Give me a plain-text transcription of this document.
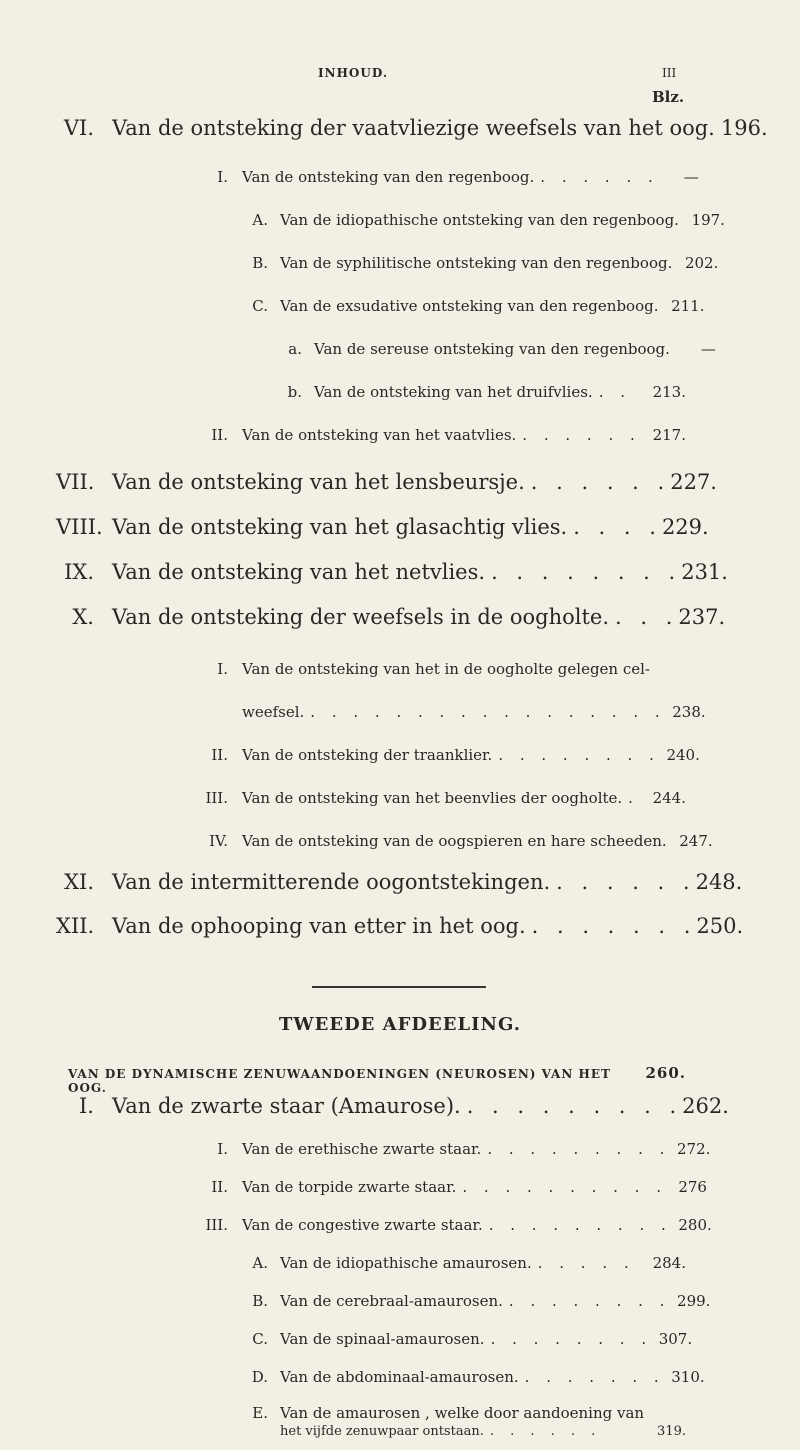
INHOUD.	III
Blz.
VI. Van de ontsteking der vaatvliezige weefsels van het oog. 196.
I. Van de ontsteking van den regenboog. . . . . . .	—
A. Van de idiopathische ontsteking van den regenboog. 197.
B. Van de syphilitische ontsteking van den regenboog. 202.
C. Van de exsudative ontsteking van den regenboog. 211.
a. Van de sereuse ontsteking van den regenboog.	—
b. Van de ontsteking van het druifvlies. . .	213.
II. Van de ontsteking van het vaatvlies. . . . . . . 217.
VII. Van de ontsteking van het lensbeursje. . . . . . . 227.
VIII. Van de ontsteking van het glasachtig vlies. . . . . 229.
IX. Van de ontsteking van het netvlies. . . . . . . . . 231.
X. Van de ontsteking der weefsels in de oogholte. . . . 237.
I. Van de ontsteking van het in de oogholte gelegen cel-
weefsel. . . . . . . . . . . . . . . . . . 238.
II. Van de ontsteking der traanklier. . . . . . . . . 240.
III. Van de ontsteking van het beenvlies der oogholte. . 244.
IV. Van de ontsteking van de oogspieren en hare scheeden. 247.
XI. Van de intermitterende oogontstekingen. . . . . . . 248.
XII. Van de ophooping van etter in het oog. . . . . . . . 250.
TWEEDE AFDEELING.
VAN DE DYNAMISCHE ZENUWAANDOENINGEN (NEUROSEN) VAN HET OOG.
260.
I. Van de zwarte staar (Amaurose). . . . . . . . . . 262.
I. Van de erethische zwarte staar. . . . . . . . . . 272.
II. Van de torpide zwarte staar. . . . . . . . . . . 276
III. Van de congestive zwarte staar. . . . . . . . . . 280.
A. Van de idiopathische amaurosen. . . . . .	284.
B. Van de cerebraal-amaurosen. . . . . . . . . 299.
C. Van de spinaal-amaurosen. . . . . . . . . 307.
D. Van de abdominaal-amaurosen. . . . . . . . 310.
E. Van de amaurosen , welke door aandoening van
het vijfde zenuwpaar ontstaan. . . . . . .	319.
